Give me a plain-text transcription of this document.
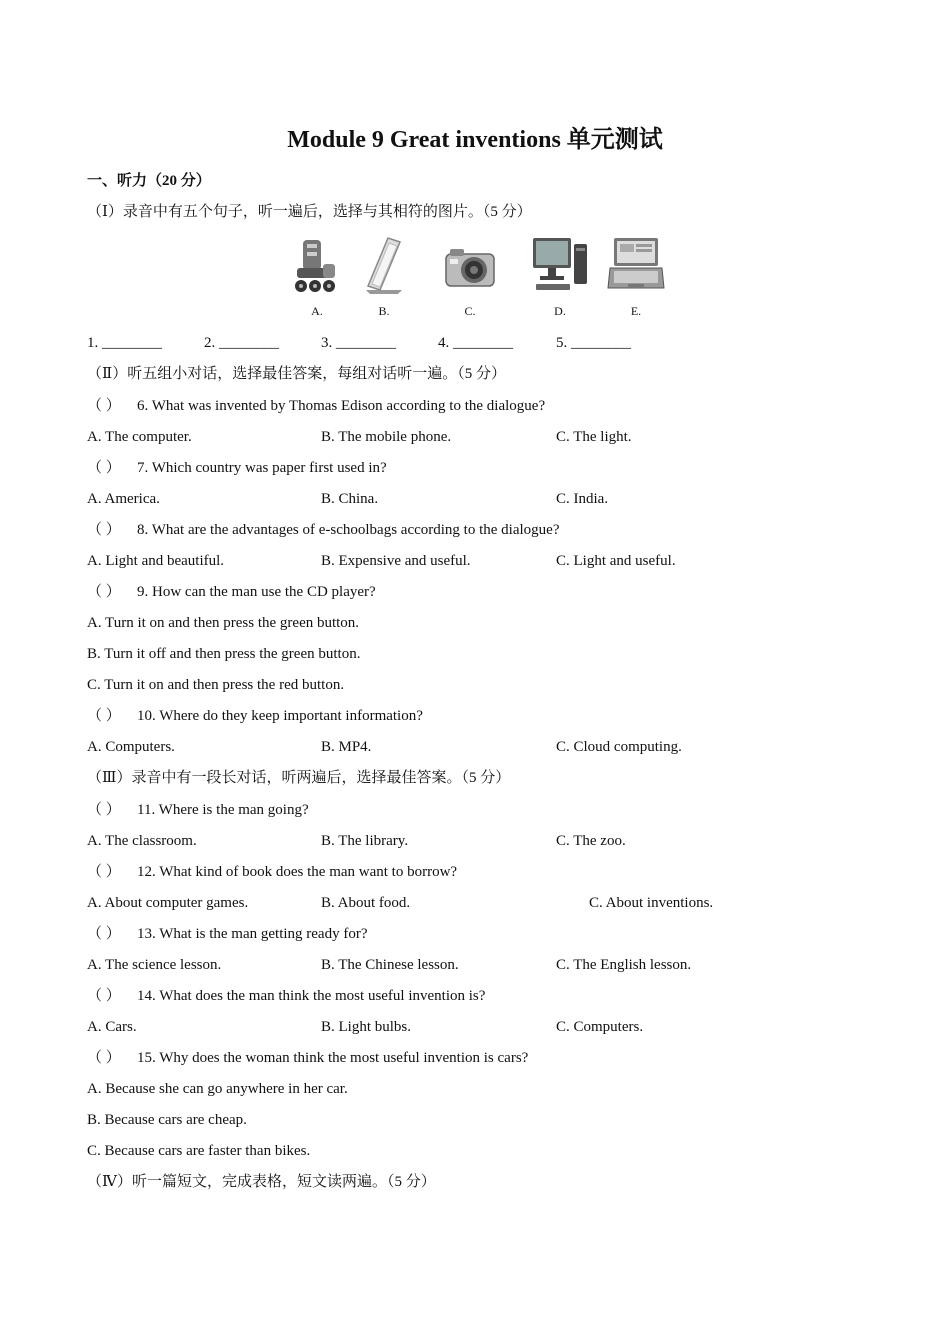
Module 9 Great inventions 单元测试
一、听力（20 分）
（Ⅰ）录音中有五个句子，听一遍后，选择与其相符的图片。（5 分）
A.	B.	C.	D.	E.
1. ________	2. ________	3. ________	4. ________	5. ________
（Ⅱ）听五组小对话，选择最佳答案，每组对话听一遍。（5 分）
（ ） 6. What was invented by Thomas Edison according to the dialogue?
A. The computer.	B. The mobile phone.	C. The light.
（ ） 7. Which country was paper first used in?
A. America.	B. China.	C. India.
（ ） 8. What are the advantages of e-schoolbags according to the dialogue?
A. Light and beautiful.	B. Expensive and useful.	C. Light and useful.
（ ） 9. How can the man use the CD player?
A. Turn it on and then press the green button.
B. Turn it off and then press the green button.
C. Turn it on and then press the red button.
（ ） 10. Where do they keep important information?
A. Computers.	B. MP4.	C. Cloud computing.
（Ⅲ）录音中有一段长对话，听两遍后，选择最佳答案。（5 分）
（ ） 11. Where is the man going?
A. The classroom.	B. The library.	C. The zoo.
（ ） 12. What kind of book does the man want to borrow?
A. About computer games.	B. About food.	C. About inventions.
（ ） 13. What is the man getting ready for?
A. The science lesson.	B. The Chinese lesson.	C. The English lesson.
（ ） 14. What does the man think the most useful invention is?
A. Cars.	B. Light bulbs.	C. Computers.
（ ） 15. Why does the woman think the most useful invention is cars?
A. Because she can go anywhere in her car.
B. Because cars are cheap.
C. Because cars are faster than bikes.
（Ⅳ）听一篇短文，完成表格，短文读两遍。（5 分）
